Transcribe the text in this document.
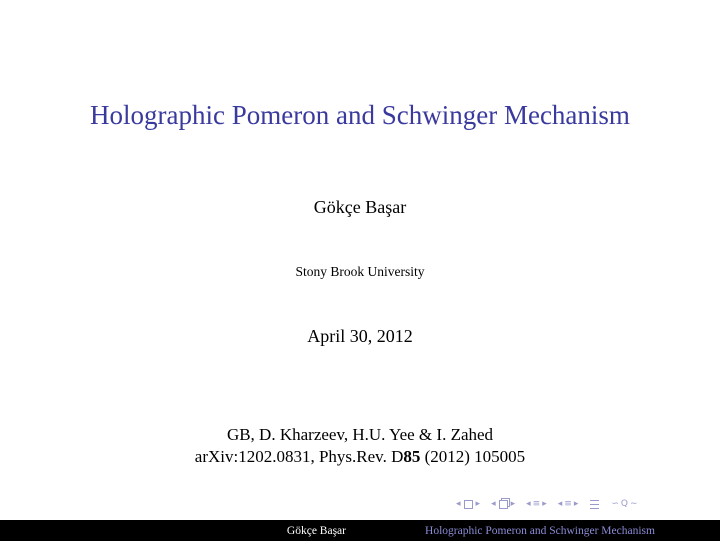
Holographic Pomeron and Schwinger Mechanism
Gökçe Başar
Stony Brook University
April 30, 2012
GB, D. Kharzeev, H.U. Yee & I. Zahed
arXiv:1202.0831, Phys.Rev. D85 (2012) 105005
◂ ▸ ◂ ▸ ◂ ≡ ▸ ◂ ≡ ▸	∽ Q ∼
Gökçe Başar	Holographic Pomeron and Schwinger Mechanism
